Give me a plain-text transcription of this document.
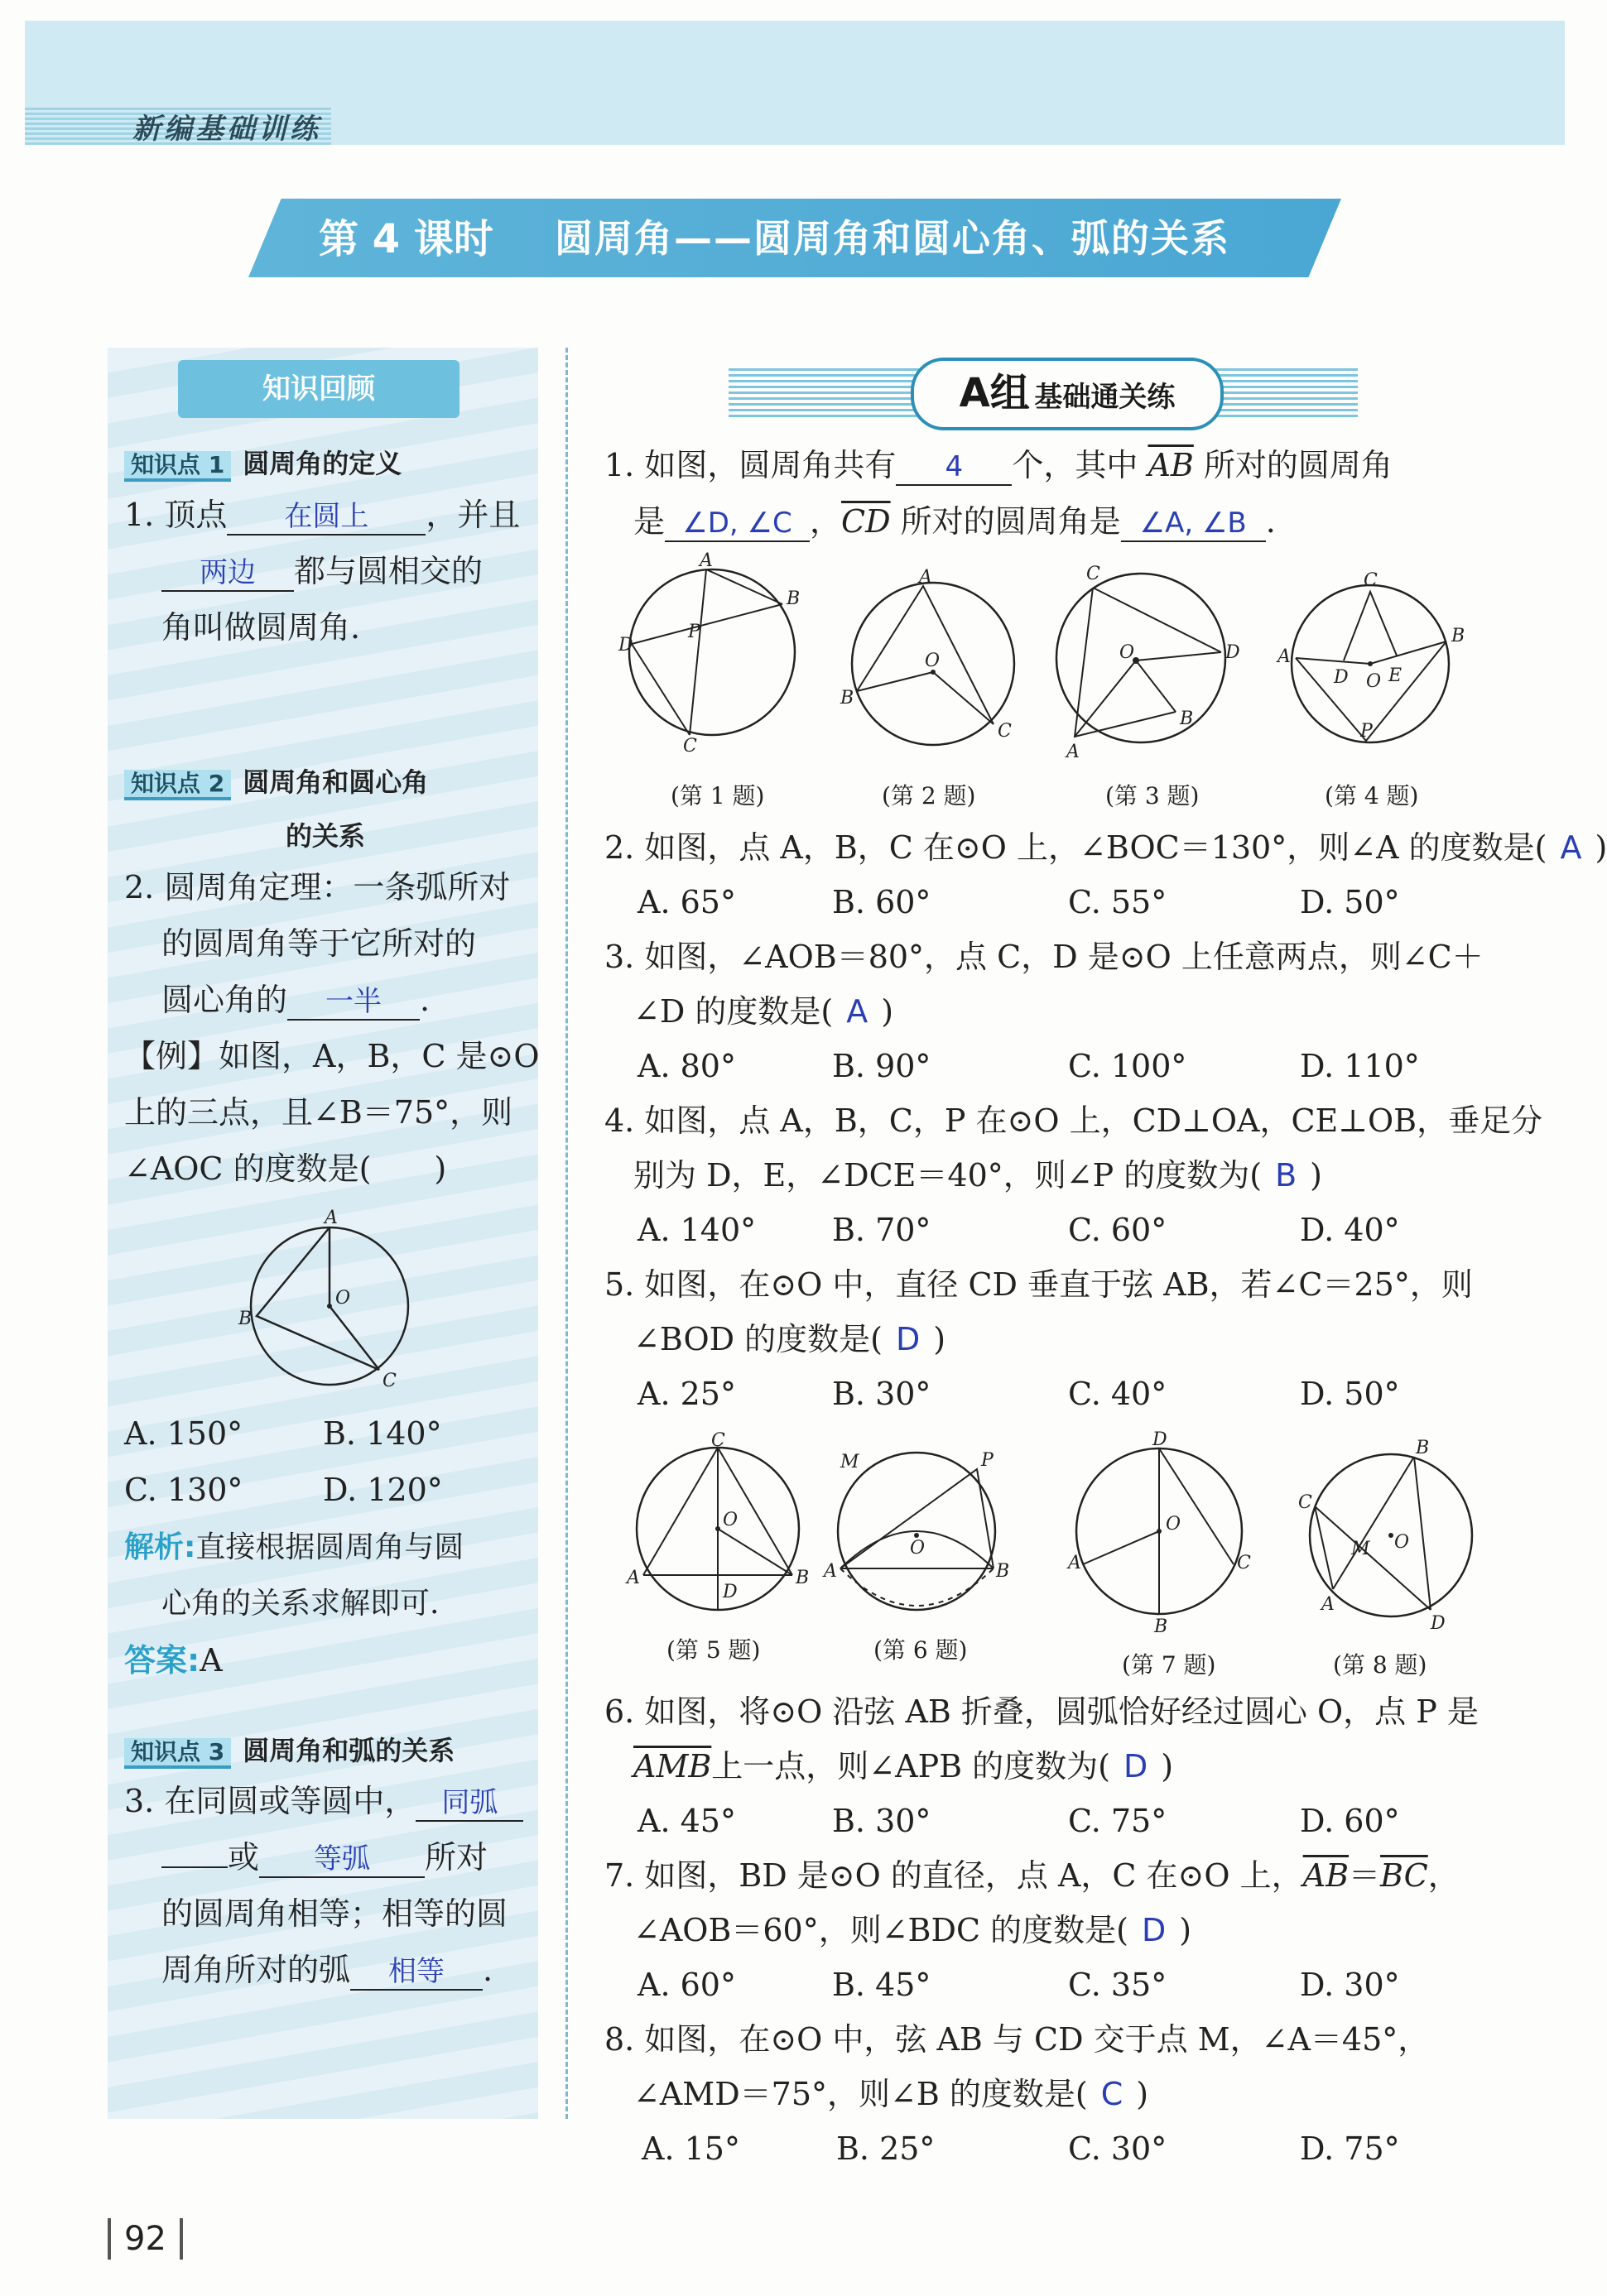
新编基础训练
第 4 课时 圆周角——圆周角和圆心角、弧的关系
知识回顾
知识点 1 圆周角的定义
1. 顶点 在圆上 ，并且
两边 都与圆相交的
角叫做圆周角.
知识点 2 圆周角和圆心角
的关系
2. 圆周角定理：一条弧所对
的圆周角等于它所对的
圆心角的 一半 .
【例】如图，A，B，C 是⊙O
上的三点，且∠B＝75°，则
∠AOC 的度数是(　　)
A
B
C
O
A. 150°	B. 140°
C. 130°	D. 120°
解析:直接根据圆周角与圆
心角的关系求解即可.
答案:A
知识点 3 圆周角和弧的关系
3. 在同圆或等圆中， 同弧
或 等弧 所对
的圆周角相等；相等的圆
周角所对的弧 相等 .
A组 基础通关练
1. 如图，圆周角共有 4 个，其中 $\overline{AB}$ 所对的圆周角
是 ∠D, ∠C ，$\overline{CD}$ 所对的圆周角是 ∠A, ∠B .
A
B
D
C
P
A
B
C
O
C
D
B
A
O
C
A
B
D O E
P
(第 1 题)	(第 2 题)	(第 3 题)	(第 4 题)
2. 如图，点 A，B，C 在⊙O 上，∠BOC＝130°，则∠A 的度数是( A )
A. 65°	B. 60°	C. 55°	D. 50°
3. 如图，∠AOB＝80°，点 C，D 是⊙O 上任意两点，则∠C＋
∠D 的度数是( A )
A. 80°	B. 90°	C. 100°	D. 110°
4. 如图，点 A，B，C，P 在⊙O 上，CD⊥OA，CE⊥OB，垂足分
别为 D，E，∠DCE＝40°，则∠P 的度数为( B )
A. 140° B. 70°	C. 60°	D. 40°
5. 如图，在⊙O 中，直径 CD 垂直于弦 AB，若∠C＝25°，则
∠BOD 的度数是( D )
A. 25°	B. 30°	C. 40°	D. 50°
C
A	B
O
D
M	P
A	B
O
D
A	C
B
O
C
B
A
D
M O
(第 5 题)	(第 6 题)
(第 7 题)	(第 8 题)
6. 如图，将⊙O 沿弦 AB 折叠，圆弧恰好经过圆心 O，点 P 是
$\overline{AMB}$上一点，则∠APB 的度数为( D )
A. 45°	B. 30°	C. 75°	D. 60°
7. 如图，BD 是⊙O 的直径，点 A，C 在⊙O 上，$\overline{AB}=\overline{BC}$，
∠AOB＝60°，则∠BDC 的度数是( D )
A. 60°	B. 45°	C. 35°	D. 30°
8. 如图，在⊙O 中，弦 AB 与 CD 交于点 M，∠A＝45°，
∠AMD＝75°，则∠B 的度数是( C )
A. 15°	B. 25°	C. 30°	D. 75°
92
